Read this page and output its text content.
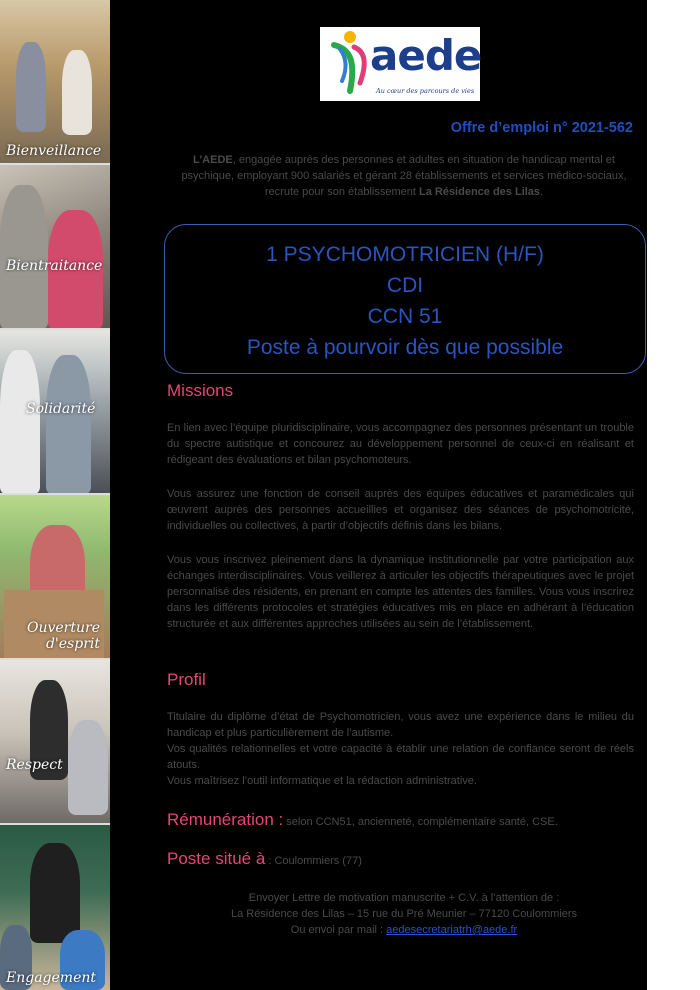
Bienveillance
Bientraitance
Solidarité
Ouverture d'esprit
Respect
Engagement
aede
Au cœur des parcours de vies
Offre d’emploi n° 2021-562
L’AEDE, engagée auprès des personnes et adultes en situation de handicap mental et psychique, employant 900 salariés et gérant 28 établissements et services médico-sociaux, recrute pour son établissement La Résidence des Lilas.
1 PSYCHOMOTRICIEN (H/F)
CDI
CCN 51
Poste à pourvoir dès que possible
Missions

En lien avec l’équipe pluridisciplinaire, vous accompagnez des personnes présentant un trouble du spectre autistique et concourez au développement personnel de ceux-ci en réalisant et rédigeant des évaluations et bilan psychomoteurs.

Vous assurez une fonction de conseil auprès des équipes éducatives et paramédicales qui œuvrent auprès des personnes accueillies et organisez des séances de psychomotricité, individuelles ou collectives, à partir d’objectifs définis dans les bilans.

Vous vous inscrivez pleinement dans la dynamique institutionnelle par votre participation aux échanges interdisciplinaires. Vous veillerez à articuler les objectifs thérapeutiques avec le projet personnalisé des résidents, en prenant en compte les attentes des familles. Vous vous inscrirez dans les différents protocoles et stratégies éducatives mis en place en adhérant à l’éducation structurée et aux différentes approches utilisées au sein de l’établissement.

Profil

Titulaire du diplôme d’état de Psychomotricien, vous avez une expérience dans le milieu du handicap et plus particulièrement de l’autisme.

Vos qualités relationnelles et votre capacité à établir une relation de confiance seront de réels atouts.

Vous maîtrisez l’outil informatique et la rédaction administrative.

Rémunération : selon CCN51, ancienneté, complémentaire santé, CSE.
Poste situé à : Coulommiers (77)
Envoyer Lettre de motivation manuscrite + C.V. à l’attention de :
La Résidence des Lilas – 15 rue du Pré Meunier – 77120 Coulommiers
Ou envoi par mail : aedesecretariatrh@aede.fr
